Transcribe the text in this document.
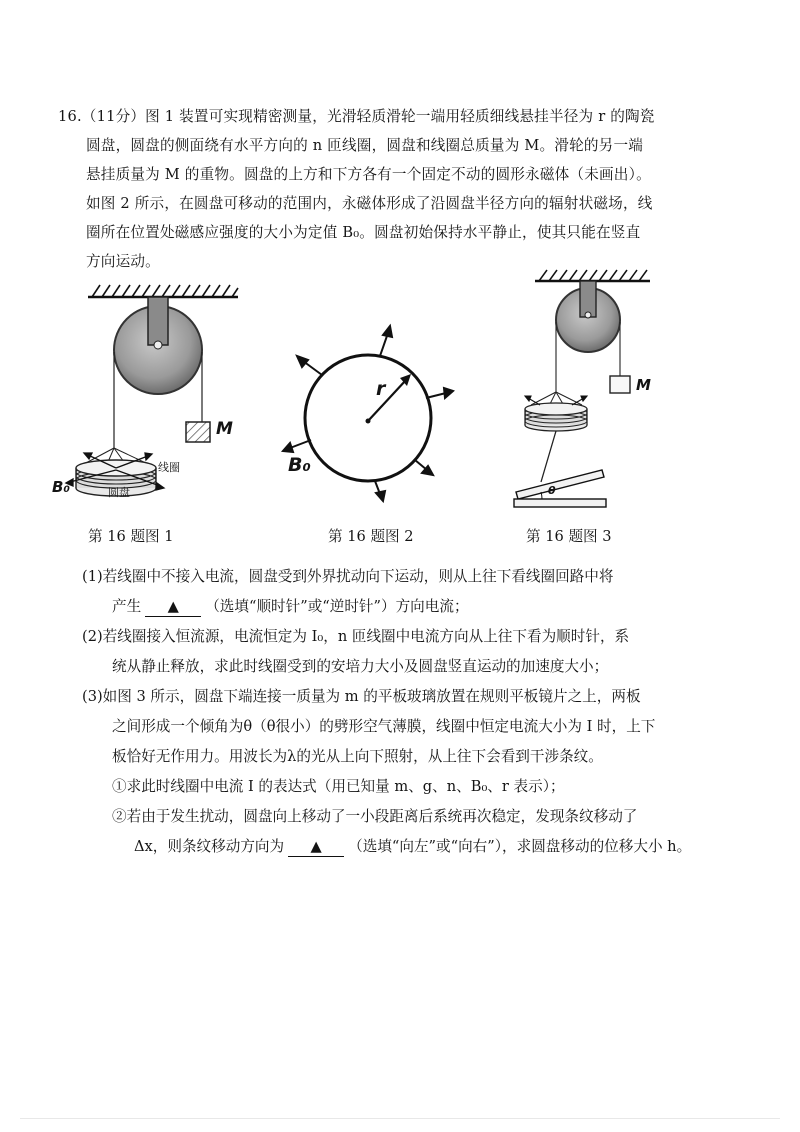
16.（11分）图 1 装置可实现精密测量，光滑轻质滑轮一端用轻质细线悬挂半径为 r 的陶瓷
圆盘，圆盘的侧面绕有水平方向的 n 匝线圈，圆盘和线圈总质量为 M。滑轮的另一端
悬挂质量为 M 的重物。圆盘的上方和下方各有一个固定不动的圆形永磁体（未画出）。
如图 2 所示，在圆盘可移动的范围内，永磁体形成了沿圆盘半径方向的辐射状磁场，线
圈所在位置处磁感应强度的大小为定值 B₀。圆盘初始保持水平静止，使其只能在竖直
方向运动。
M
B₀
线圈
圆盘
第 16 题图 1
r
B₀
第 16 题图 2
M
θ
第 16 题图 3
(1)若线圈中不接入电流，圆盘受到外界扰动向下运动，则从上往下看线圈回路中将
产生 ▲ （选填“顺时针”或“逆时针”）方向电流；
(2)若线圈接入恒流源，电流恒定为 I₀，n 匝线圈中电流方向从上往下看为顺时针，系
统从静止释放，求此时线圈受到的安培力大小及圆盘竖直运动的加速度大小；
(3)如图 3 所示，圆盘下端连接一质量为 m 的平板玻璃放置在规则平板镜片之上，两板
之间形成一个倾角为θ（θ很小）的劈形空气薄膜，线圈中恒定电流大小为 I 时，上下
板恰好无作用力。用波长为λ的光从上向下照射，从上往下会看到干涉条纹。
①求此时线圈中电流 I 的表达式（用已知量 m、g、n、B₀、r 表示）；
②若由于发生扰动，圆盘向上移动了一小段距离后系统再次稳定，发现条纹移动了
Δx，则条纹移动方向为 ▲ （选填“向左”或“向右”），求圆盘移动的位移大小 h。
